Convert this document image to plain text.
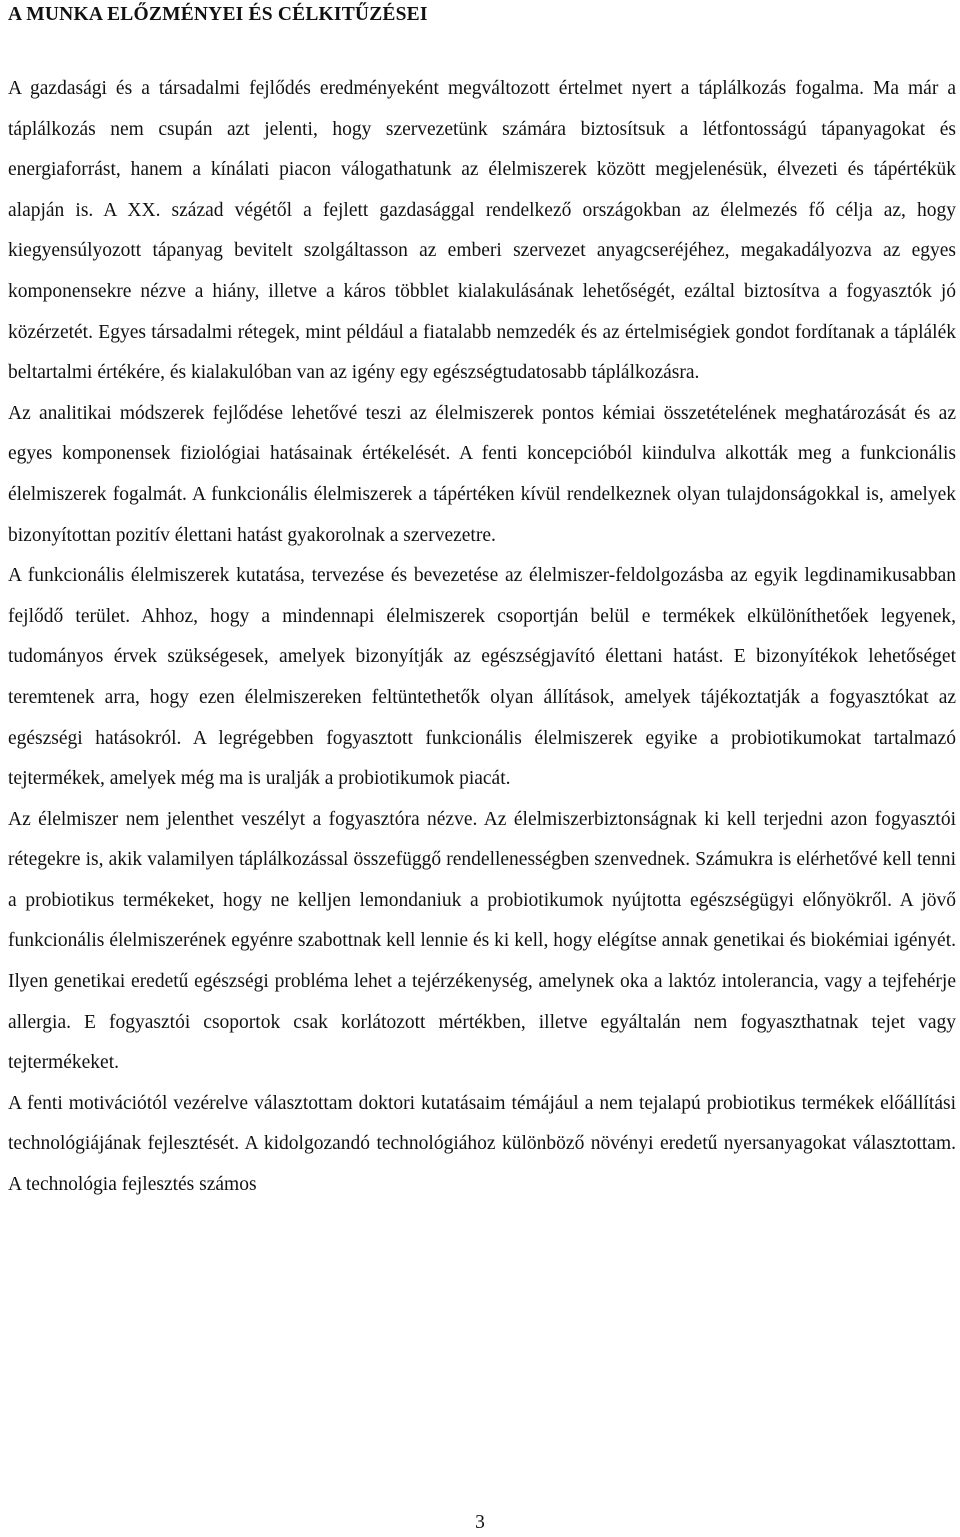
A MUNKA ELŐZMÉNYEI ÉS CÉLKITŰZÉSEI

A gazdasági és a társadalmi fejlődés eredményeként megváltozott értelmet nyert a táplálkozás fogalma. Ma már a táplálkozás nem csupán azt jelenti, hogy szervezetünk számára biztosítsuk a létfontosságú tápanyagokat és energiaforrást, hanem a kínálati piacon válogathatunk az élelmiszerek között megjelenésük, élvezeti és tápértékük alapján is. A XX. század végétől a fejlett gazdasággal rendelkező országokban az élelmezés fő célja az, hogy kiegyensúlyozott tápanyag bevitelt szolgáltasson az emberi szervezet anyagcseréjéhez, megakadályozva az egyes komponensekre nézve a hiány, illetve a káros többlet kialakulásának lehetőségét, ezáltal biztosítva a fogyasztók jó közérzetét. Egyes társadalmi rétegek, mint például a fiatalabb nemzedék és az értelmiségiek gondot fordítanak a táplálék beltartalmi értékére, és kialakulóban van az igény egy egészségtudatosabb táplálkozásra.

Az analitikai módszerek fejlődése lehetővé teszi az élelmiszerek pontos kémiai összetételének meghatározását és az egyes komponensek fiziológiai hatásainak értékelését. A fenti koncepcióból kiindulva alkották meg a funkcionális élelmiszerek fogalmát. A funkcionális élelmiszerek a tápértéken kívül rendelkeznek olyan tulajdonságokkal is, amelyek bizonyítottan pozitív élettani hatást gyakorolnak a szervezetre.

A funkcionális élelmiszerek kutatása, tervezése és bevezetése az élelmiszer-feldolgozásba az egyik legdinamikusabban fejlődő terület. Ahhoz, hogy a mindennapi élelmiszerek csoportján belül e termékek elkülöníthetőek legyenek, tudományos érvek szükségesek, amelyek bizonyítják az egészségjavító élettani hatást. E bizonyítékok lehetőséget teremtenek arra, hogy ezen élelmiszereken feltüntethetők olyan állítások, amelyek tájékoztatják a fogyasztókat az egészségi hatásokról. A legrégebben fogyasztott funkcionális élelmiszerek egyike a probiotikumokat tartalmazó tejtermékek, amelyek még ma is uralják a probiotikumok piacát.

Az élelmiszer nem jelenthet veszélyt a fogyasztóra nézve. Az élelmiszerbiztonságnak ki kell terjedni azon fogyasztói rétegekre is, akik valamilyen táplálkozással összefüggő rendellenességben szenvednek. Számukra is elérhetővé kell tenni a probiotikus termékeket, hogy ne kelljen lemondaniuk a probiotikumok nyújtotta egészségügyi előnyökről. A jövő funkcionális élelmiszerének egyénre szabottnak kell lennie és ki kell, hogy elégítse annak genetikai és biokémiai igényét. Ilyen genetikai eredetű egészségi probléma lehet a tejérzékenység, amelynek oka a laktóz intolerancia, vagy a tejfehérje allergia. E fogyasztói csoportok csak korlátozott mértékben, illetve egyáltalán nem fogyaszthatnak tejet vagy tejtermékeket.

A fenti motivációtól vezérelve választottam doktori kutatásaim témájául a nem tejalapú probiotikus termékek előállítási technológiájának fejlesztését. A kidolgozandó technológiához különböző növényi eredetű nyersanyagokat választottam. A technológia fejlesztés számos

3
